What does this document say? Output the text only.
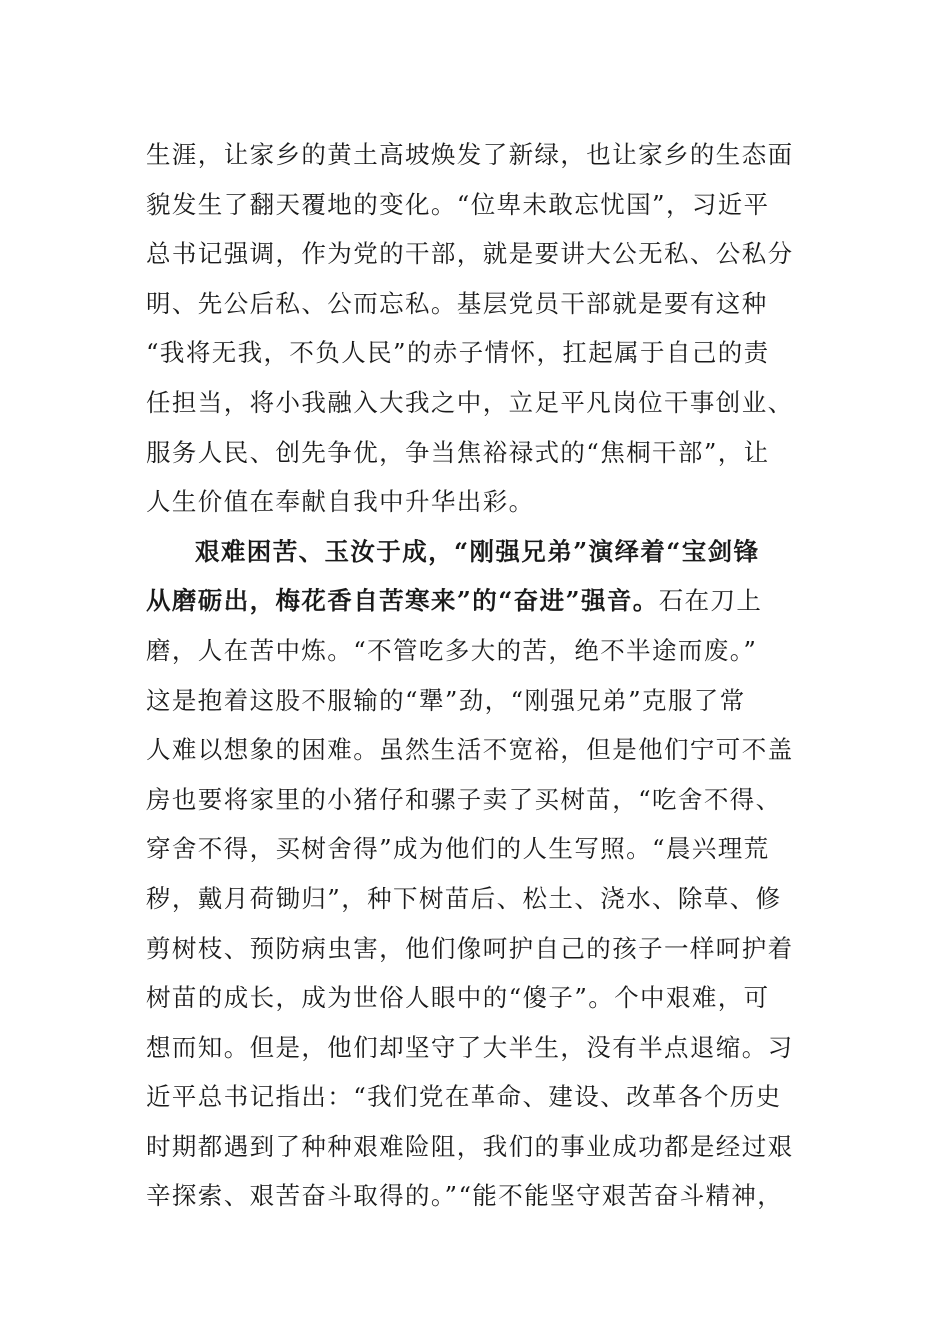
生涯，让家乡的黄土高坡焕发了新绿，也让家乡的生态面
貌发生了翻天覆地的变化。“位卑未敢忘忧国”，习近平
总书记强调，作为党的干部，就是要讲大公无私、公私分
明、先公后私、公而忘私。基层党员干部就是要有这种
“我将无我，不负人民”的赤子情怀，扛起属于自己的责
任担当，将小我融入大我之中，立足平凡岗位干事创业、
服务人民、创先争优，争当焦裕禄式的“焦桐干部”，让
人生价值在奉献自我中升华出彩。
艰难困苦、玉汝于成，“刚强兄弟”演绎着“宝剑锋
从磨砺出，梅花香自苦寒来”的“奋进”强音。石在刀上
磨，人在苦中炼。“不管吃多大的苦，绝不半途而废。”
这是抱着这股不服输的“犟”劲，“刚强兄弟”克服了常
人难以想象的困难。虽然生活不宽裕，但是他们宁可不盖
房也要将家里的小猪仔和骡子卖了买树苗，“吃舍不得、
穿舍不得，买树舍得”成为他们的人生写照。“晨兴理荒
秽，戴月荷锄归”，种下树苗后、松土、浇水、除草、修
剪树枝、预防病虫害，他们像呵护自己的孩子一样呵护着
树苗的成长，成为世俗人眼中的“傻子”。个中艰难，可
想而知。但是，他们却坚守了大半生，没有半点退缩。习
近平总书记指出：“我们党在革命、建设、改革各个历史
时期都遇到了种种艰难险阻，我们的事业成功都是经过艰
辛探索、艰苦奋斗取得的。”“能不能坚守艰苦奋斗精神，
